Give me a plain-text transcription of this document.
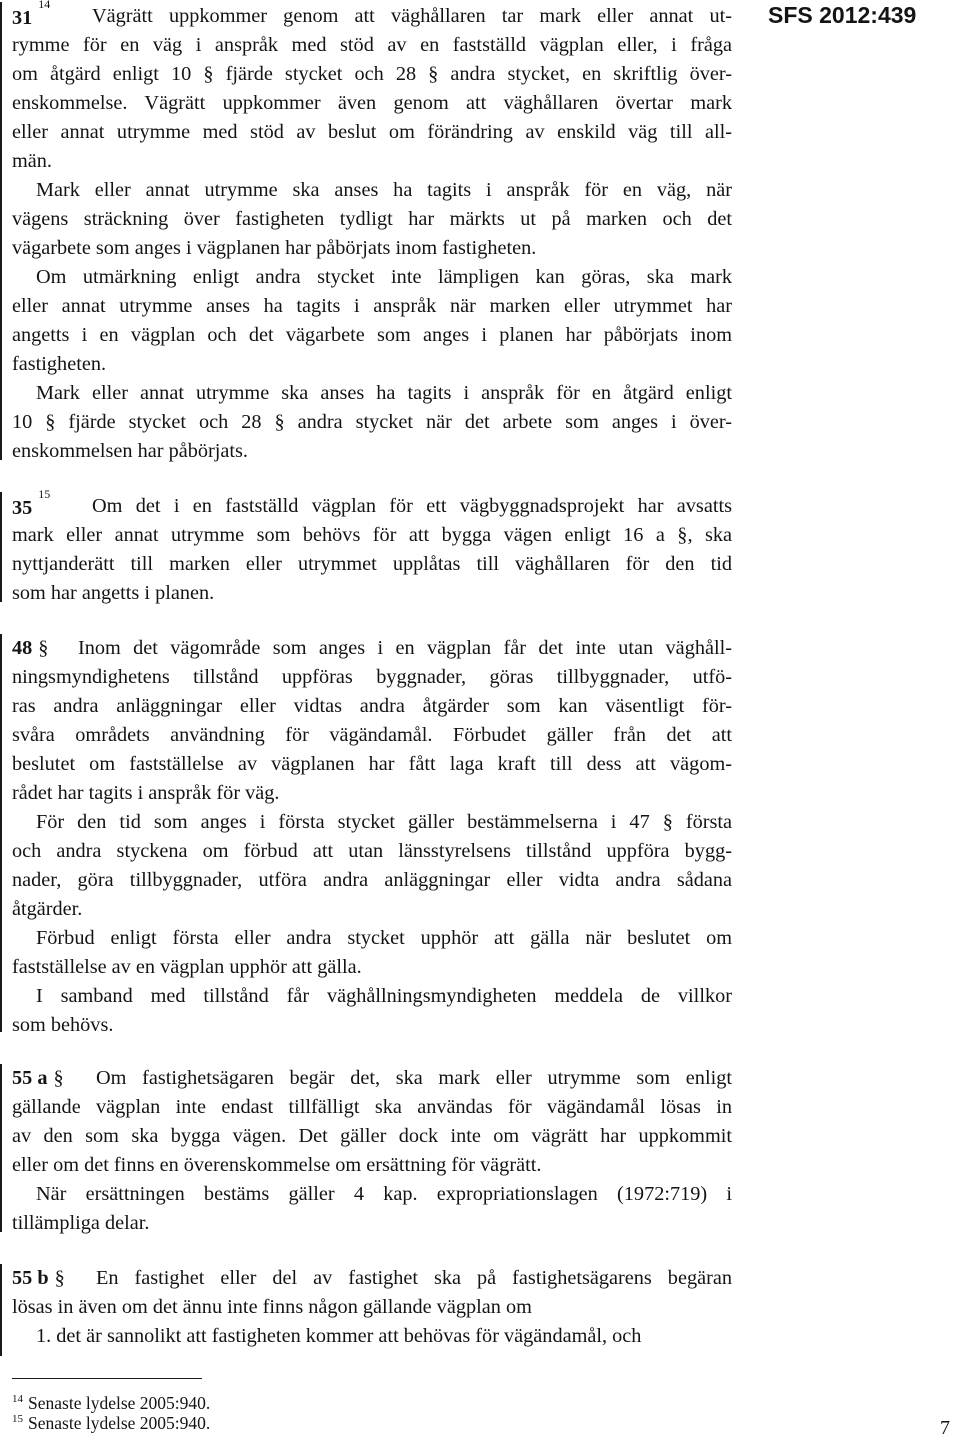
SFS 2012:439
$31^{14}$
Vägrätt uppkommer genom att väghållaren tar mark eller annat ut-
rymme för en väg i anspråk med stöd av en fastställd vägplan eller, i fråga
om åtgärd enligt 10 § fjärde stycket och 28 § andra stycket, en skriftlig över-
enskommelse. Vägrätt uppkommer även genom att väghållaren övertar mark
eller annat utrymme med stöd av beslut om förändring av enskild väg till all-
män.
Mark eller annat utrymme ska anses ha tagits i anspråk för en väg, när
vägens sträckning över fastigheten tydligt har märkts ut på marken och det
vägarbete som anges i vägplanen har påbörjats inom fastigheten.
Om utmärkning enligt andra stycket inte lämpligen kan göras, ska mark
eller annat utrymme anses ha tagits i anspråk när marken eller utrymmet har
angetts i en vägplan och det vägarbete som anges i planen har påbörjats inom
fastigheten.
Mark eller annat utrymme ska anses ha tagits i anspråk för en åtgärd enligt
10 § fjärde stycket och 28 § andra stycket när det arbete som anges i över-
enskommelsen har påbörjats.
$35^{15}$
Om det i en fastställd vägplan för ett vägbyggnadsprojekt har avsatts
mark eller annat utrymme som behövs för att bygga vägen enligt 16 a §, ska
nyttjanderätt till marken eller utrymmet upplåtas till väghållaren för den tid
som har angetts i planen.
48 § Inom det vägområde som anges i en vägplan får det inte utan väghåll-
ningsmyndighetens tillstånd uppföras byggnader, göras tillbyggnader, utfö-
ras andra anläggningar eller vidtas andra åtgärder som kan väsentligt för-
svåra områdets användning för vägändamål. Förbudet gäller från det att
beslutet om fastställelse av vägplanen har fått laga kraft till dess att vägom-
rådet har tagits i anspråk för väg.
För den tid som anges i första stycket gäller bestämmelserna i 47 § första
och andra styckena om förbud att utan länsstyrelsens tillstånd uppföra bygg-
nader, göra tillbyggnader, utföra andra anläggningar eller vidta andra sådana
åtgärder.
Förbud enligt första eller andra stycket upphör att gälla när beslutet om
fastställelse av en vägplan upphör att gälla.
I samband med tillstånd får väghållningsmyndigheten meddela de villkor
som behövs.
55 a § Om fastighetsägaren begär det, ska mark eller utrymme som enligt
gällande vägplan inte endast tillfälligt ska användas för vägändamål lösas in
av den som ska bygga vägen. Det gäller dock inte om vägrätt har uppkommit
eller om det finns en överenskommelse om ersättning för vägrätt.
När ersättningen bestäms gäller 4 kap. expropriationslagen (1972:719) i
tillämpliga delar.
55 b § En fastighet eller del av fastighet ska på fastighetsägarens begäran
lösas in även om det ännu inte finns någon gällande vägplan om
1. det är sannolikt att fastigheten kommer att behövas för vägändamål, och
$^{14}$ Senaste lydelse 2005:940.
$^{15}$ Senaste lydelse 2005:940.	7
